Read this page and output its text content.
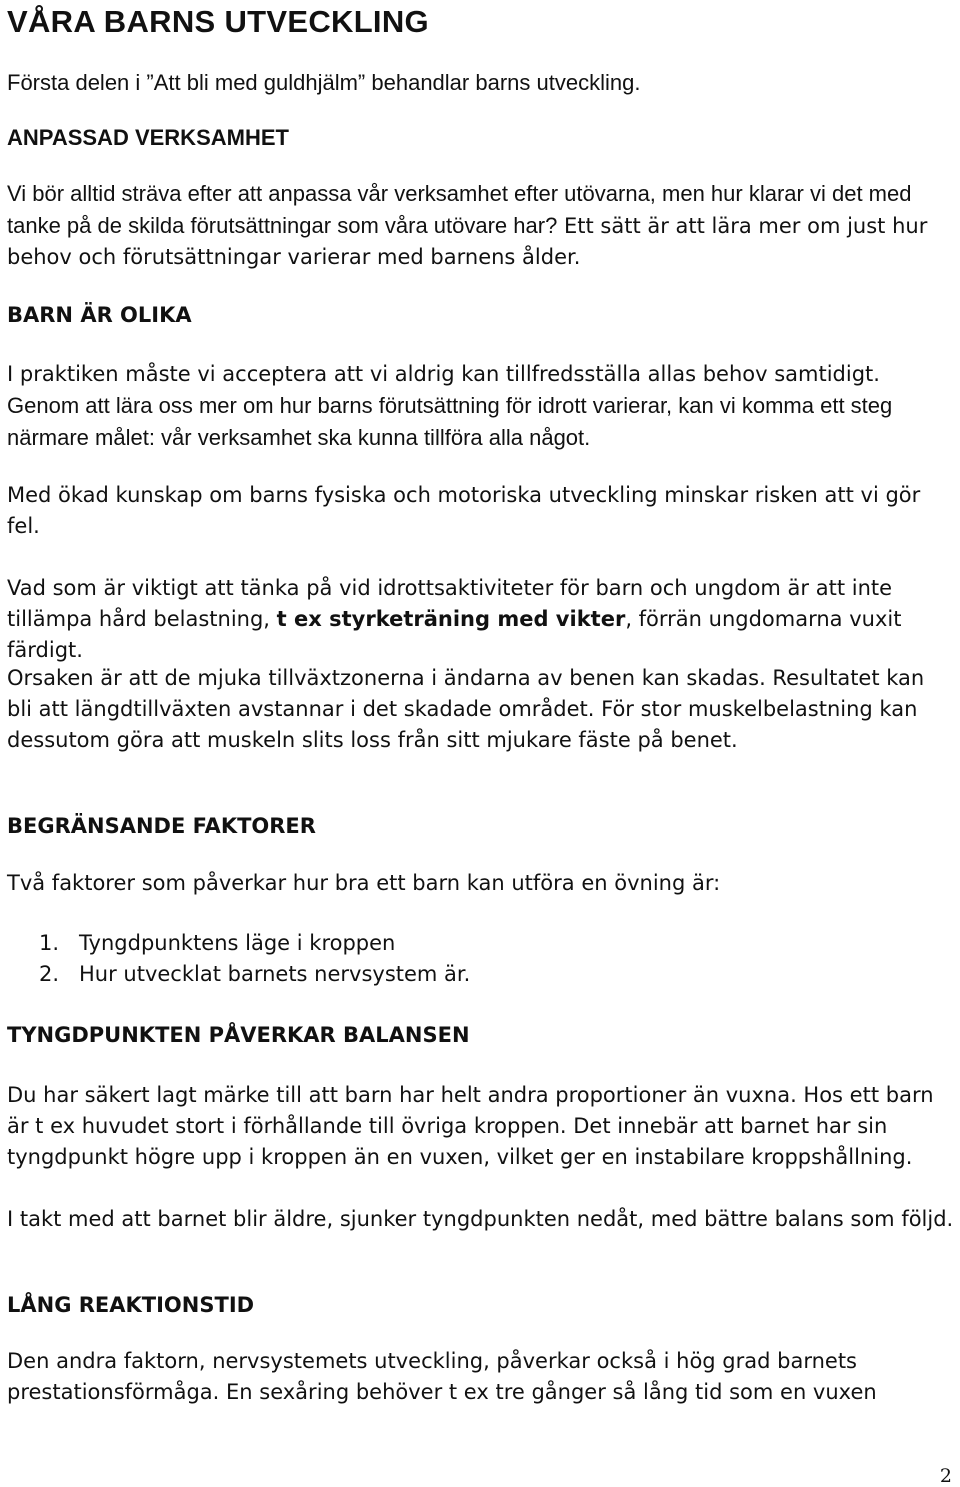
VÅRA BARNS UTVECKLING

Första delen i ”Att bli med guldhjälm” behandlar barns utveckling.

ANPASSAD VERKSAMHET

Vi bör alltid sträva efter att anpassa vår verksamhet efter utövarna, men hur klarar vi det med tanke på de skilda förutsättningar som våra utövare har? Ett sätt är att lära mer om just hur behov och förutsättningar varierar med barnens ålder.

BARN ÄR OLIKA

I praktiken måste vi acceptera att vi aldrig kan tillfredsställa allas behov samtidigt. Genom att lära oss mer om hur barns förutsättning för idrott varierar, kan vi komma ett steg närmare målet: vår verksamhet ska kunna tillföra alla något.

Med ökad kunskap om barns fysiska och motoriska utveckling minskar risken att vi gör fel.

Vad som är viktigt att tänka på vid idrottsaktiviteter för barn och ungdom är att inte tillämpa hård belastning, t ex styrketräning med vikter, förrän ungdomarna vuxit färdigt.

Orsaken är att de mjuka tillväxtzonerna i ändarna av benen kan skadas. Resultatet kan bli att längdtillväxten avstannar i det skadade området. För stor muskelbelastning kan dessutom göra att muskeln slits loss från sitt mjukare fäste på benet.

BEGRÄNSANDE FAKTORER

Två faktorer som påverkar hur bra ett barn kan utföra en övning är:

1. Tyngdpunktens läge i kroppen
2. Hur utvecklat barnets nervsystem är.
TYNGDPUNKTEN PÅVERKAR BALANSEN

Du har säkert lagt märke till att barn har helt andra proportioner än vuxna. Hos ett barn är t ex huvudet stort i förhållande till övriga kroppen. Det innebär att barnet har sin tyngdpunkt högre upp i kroppen än en vuxen, vilket ger en instabilare kroppshållning.

I takt med att barnet blir äldre, sjunker tyngdpunkten nedåt, med bättre balans som följd.

LÅNG REAKTIONSTID

Den andra faktorn, nervsystemets utveckling, påverkar också i hög grad barnets prestationsförmåga. En sexåring behöver t ex tre gånger så lång tid som en vuxen

2
